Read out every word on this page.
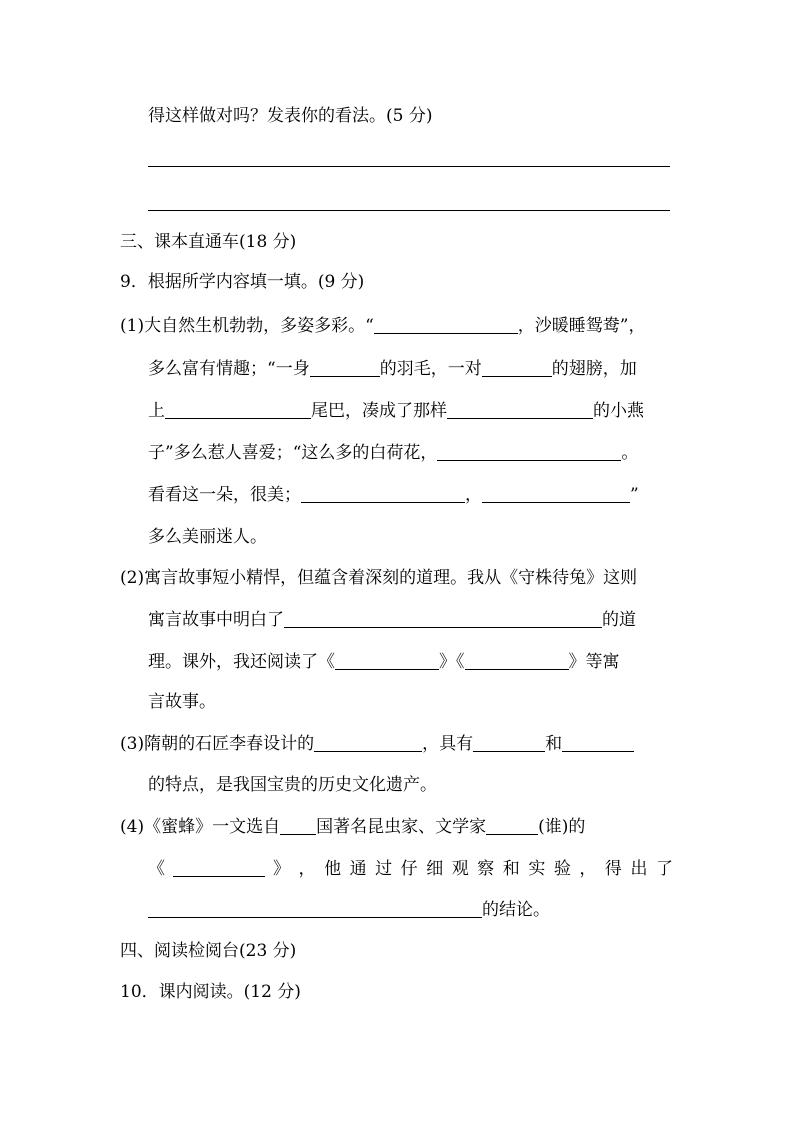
得这样做对吗？发表你的看法。(5 分)
三、课本直通车(18 分)
9．根据所学内容填一填。(9 分)
(1)大自然生机勃勃，多姿多彩。“	，沙暖睡鸳鸯”，
多么富有情趣；“一身	的羽毛，一对	的翅膀，加
上	尾巴，凑成了那样	的小燕
子”多么惹人喜爱；“这么多的白荷花，	。
看看这一朵，很美；	，	”
多么美丽迷人。
(2)寓言故事短小精悍，但蕴含着深刻的道理。我从《守株待兔》这则
寓言故事中明白了	的道
理。课外，我还阅读了《	》《	》等寓
言故事。
(3)隋朝的石匠李春设计的	，具有	和
的特点，是我国宝贵的历史文化遗产。
(4)《蜜蜂》一文选自 国著名昆虫家、文学家	(谁)的
《	》 ， 他 通 过 仔 细 观 察 和 实 验 ， 得 出 了
的结论。
四、阅读检阅台(23 分)
10．课内阅读。(12 分)
